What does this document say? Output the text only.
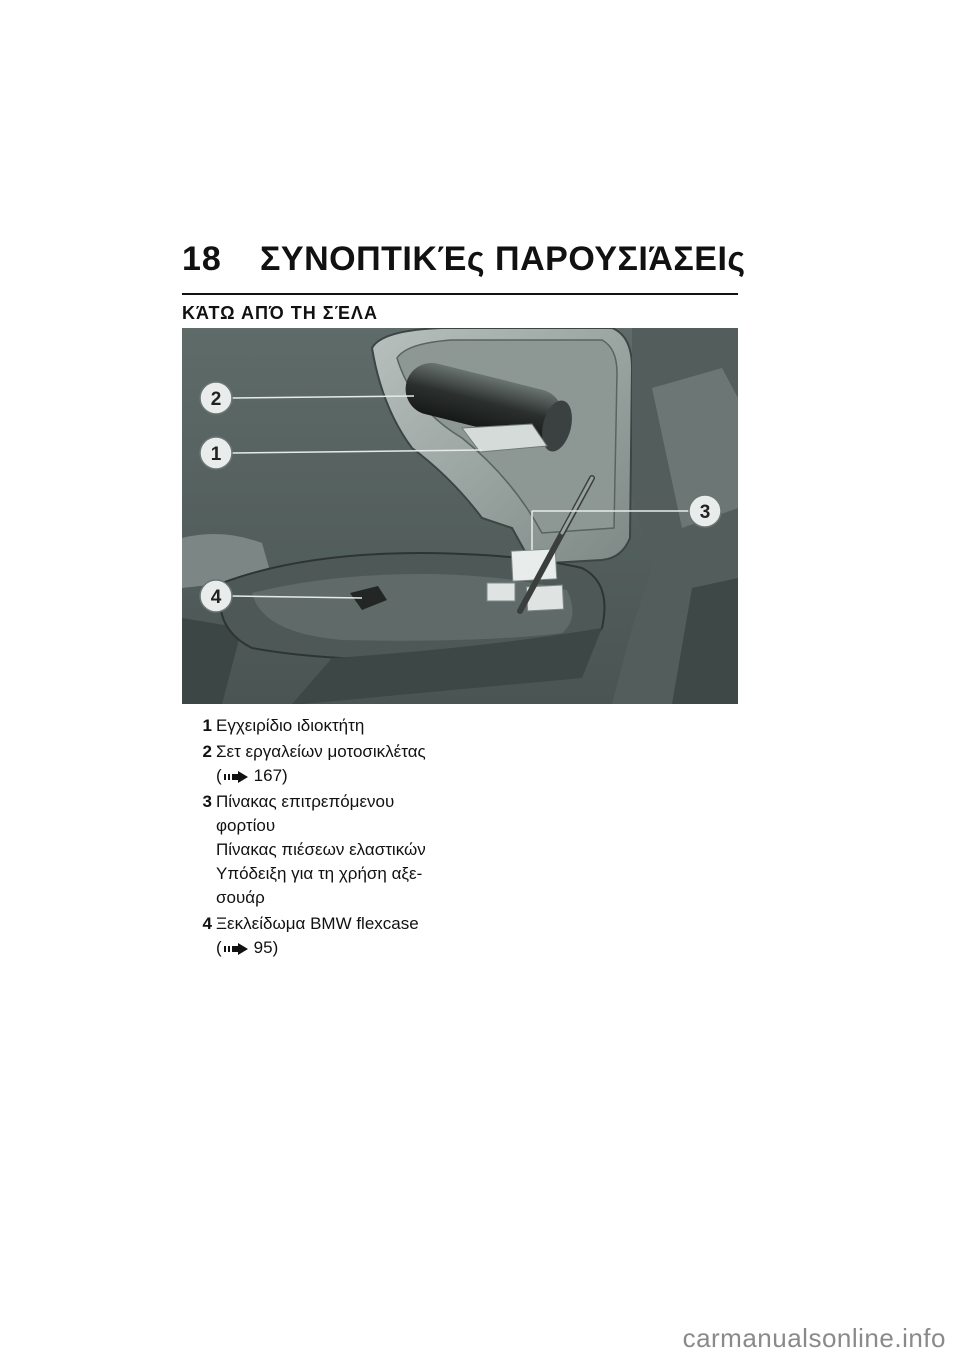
18 ΣΥΝΟΠΤΙΚΈς ΠΑΡΟΥΣΙΆΣΕΙς
ΚΆΤΩ ΑΠΌ ΤΗ ΣΈΛΑ
2
1
3
4
1 Εγχειρίδιο ιδιοκτήτη
2 Σετ εργαλείων μοτοσικλέτας
( 167)
3 Πίνακας επιτρεπόμενου
φορτίου
Πίνακας πιέσεων ελαστικών
Υπόδειξη για τη χρήση αξε-
σουάρ
4 Ξεκλείδωμα BMW flexcase
( 95)
carmanualsonline.info
